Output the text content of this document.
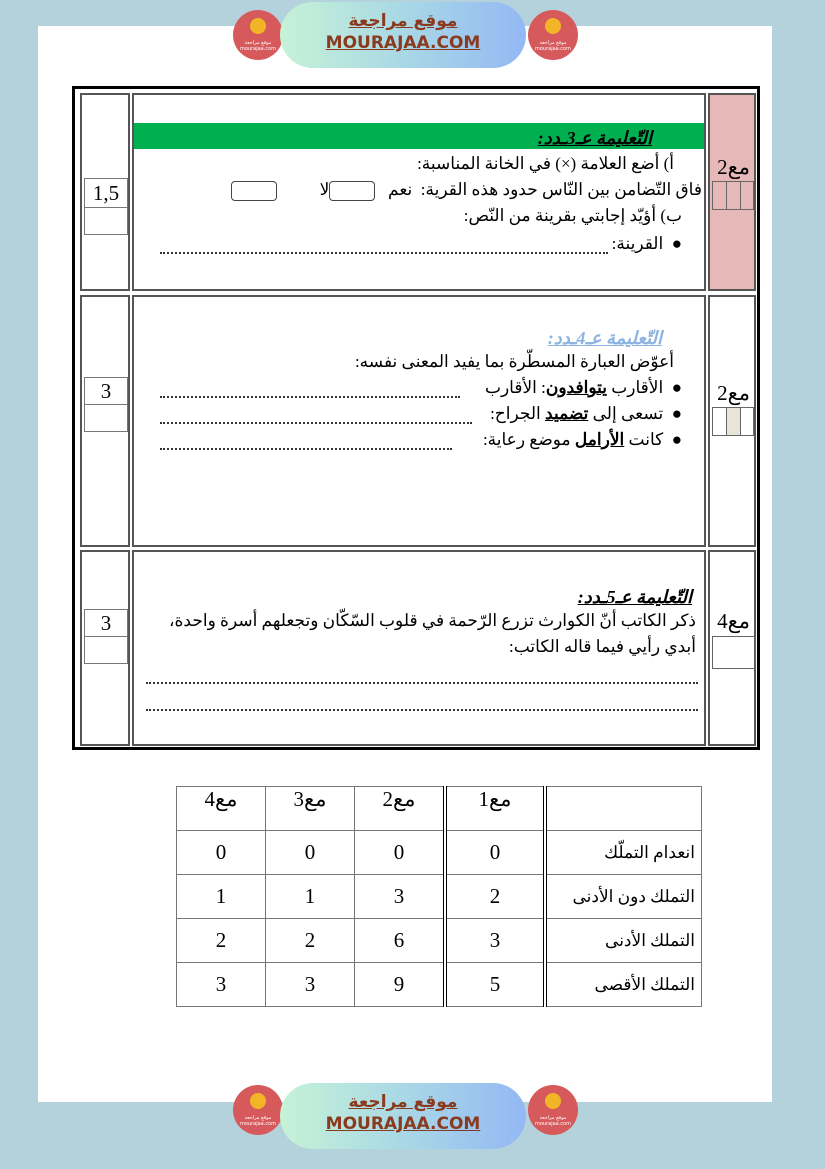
موقع مراجعة mourajaa.com
موقع مراجعة
MOURAJAA.COM	موقع مراجعة mourajaa.com
1,5
التّعليمة عـ3ـدد:
أ) أضع العلامة (×) في الخانة المناسبة:
فاق التّضامن بين النّاس حدود هذه القرية:  نعم   لا
ب) أؤيّد إجابتي بقرينة من النّص:
●  القرينة:
مع2
3
التّعليمة عـ4ـدد:
أعوّض العبارة المسطّرة بما يفيد المعنى نفسه:
●  الأقارب يتوافدون: الأقارب
●  تسعى إلى تضميد الجراح:
●  كانت الأرامل موضع رعاية:
مع2
3
التّعليمة عـ5ـدد:
ذكر الكاتب أنّ الكوارث تزرع الرّحمة في قلوب السّكّان وتجعلهم أسرة واحدة،
أبدي رأيي فيما قاله الكاتب:
مع4
	مع1	مع2	مع3	مع4
انعدام التملّك	0	0	0	0
التملك دون الأدنى	2	3	1	1
التملك الأدنى	3	6	2	2
التملك الأقصى	5	9	3	3
موقع مراجعة mourajaa.com
موقع مراجعة
MOURAJAA.COM	موقع مراجعة mourajaa.com
